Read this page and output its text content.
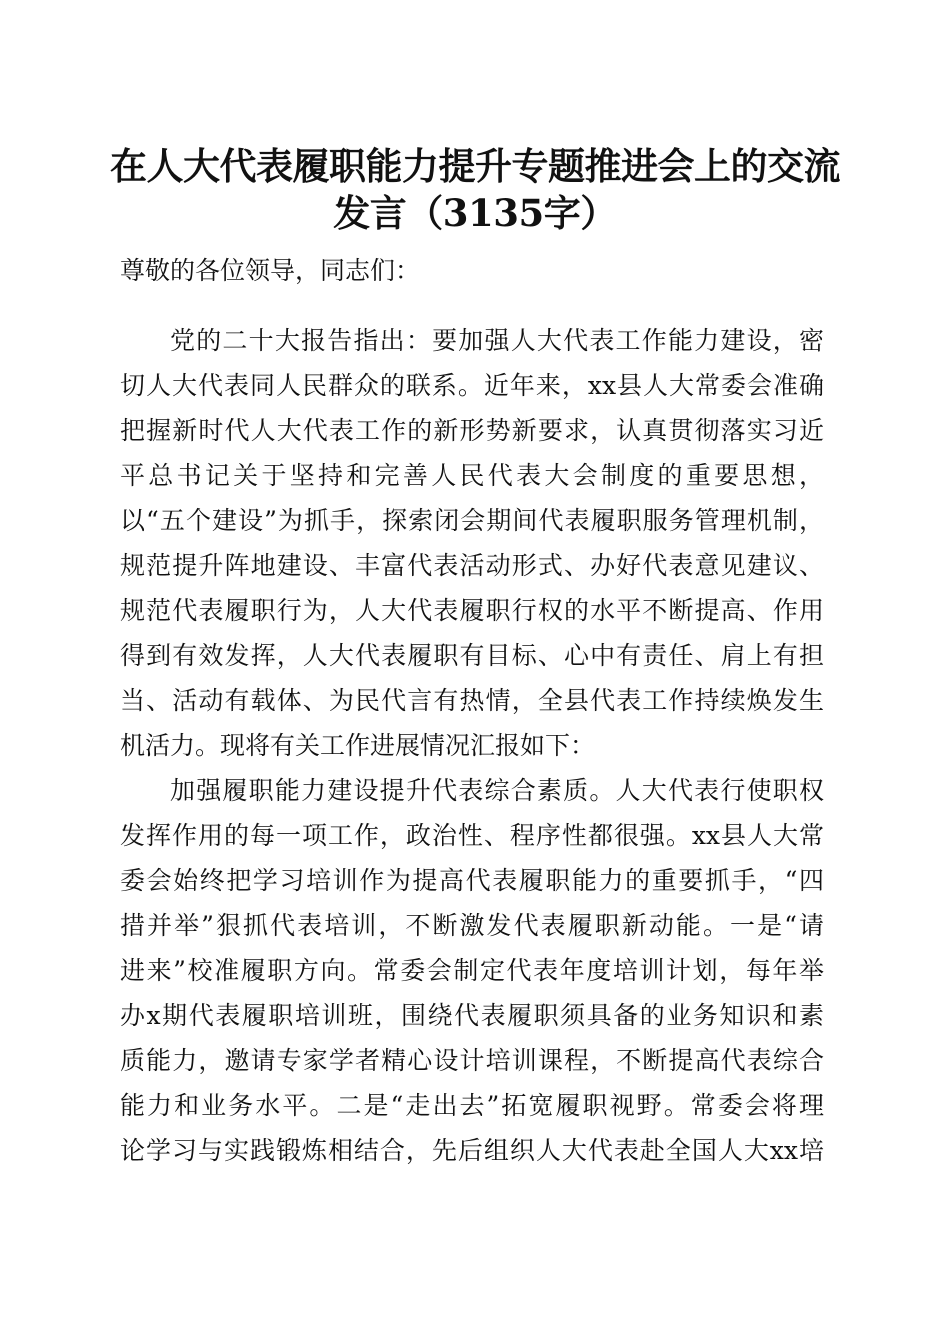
在人大代表履职能力提升专题推进会上的交流
发言（3135字）

尊敬的各位领导，同志们：

党的二十大报告指出：要加强人大代表工作能力建设，密

切人大代表同人民群众的联系。近年来，xx县人大常委会准确

把握新时代人大代表工作的新形势新要求，认真贯彻落实习近

平总书记关于坚持和完善人民代表大会制度的重要思想，

以“五个建设”为抓手，探索闭会期间代表履职服务管理机制，

规范提升阵地建设、丰富代表活动形式、办好代表意见建议、

规范代表履职行为，人大代表履职行权的水平不断提高、作用

得到有效发挥，人大代表履职有目标、心中有责任、肩上有担

当、活动有载体、为民代言有热情，全县代表工作持续焕发生

机活力。现将有关工作进展情况汇报如下：

加强履职能力建设提升代表综合素质。人大代表行使职权

发挥作用的每一项工作，政治性、程序性都很强。xx县人大常

委会始终把学习培训作为提高代表履职能力的重要抓手，“四

措并举”狠抓代表培训，不断激发代表履职新动能。一是“请

进来”校准履职方向。常委会制定代表年度培训计划，每年举

办x期代表履职培训班，围绕代表履职须具备的业务知识和素

质能力，邀请专家学者精心设计培训课程，不断提高代表综合

能力和业务水平。二是“走出去”拓宽履职视野。常委会将理

论学习与实践锻炼相结合，先后组织人大代表赴全国人大xx培
